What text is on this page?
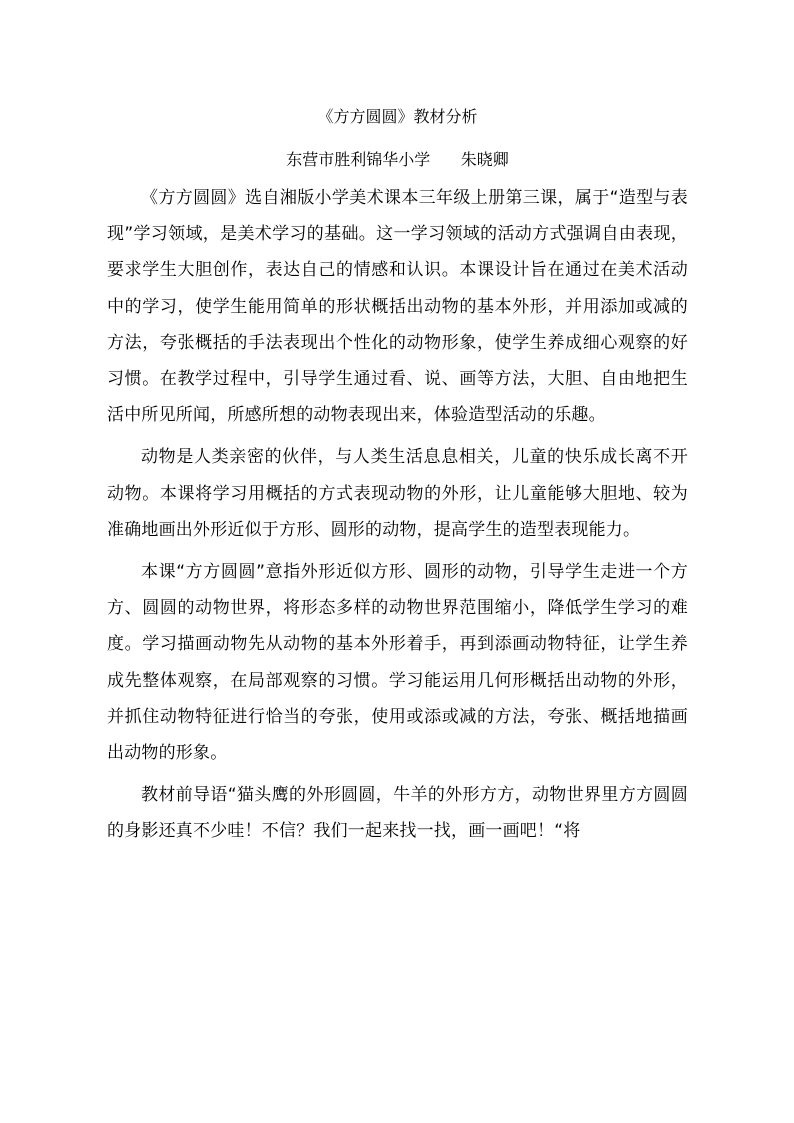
《方方圆圆》教材分析
东营市胜利锦华小学      朱晓卿

《方方圆圆》选自湘版小学美术课本三年级上册第三课，属于“造型与表现”学习领域，是美术学习的基础。这一学习领域的活动方式强调自由表现，要求学生大胆创作，表达自己的情感和认识。本课设计旨在通过在美术活动中的学习，使学生能用简单的形状概括出动物的基本外形，并用添加或减的方法，夸张概括的手法表现出个性化的动物形象，使学生养成细心观察的好习惯。在教学过程中，引导学生通过看、说、画等方法，大胆、自由地把生活中所见所闻，所感所想的动物表现出来，体验造型活动的乐趣。

动物是人类亲密的伙伴，与人类生活息息相关，儿童的快乐成长离不开动物。本课将学习用概括的方式表现动物的外形，让儿童能够大胆地、较为准确地画出外形近似于方形、圆形的动物，提高学生的造型表现能力。

本课“方方圆圆”意指外形近似方形、圆形的动物，引导学生走进一个方方、圆圆的动物世界，将形态多样的动物世界范围缩小，降低学生学习的难度。学习描画动物先从动物的基本外形着手，再到添画动物特征，让学生养成先整体观察，在局部观察的习惯。学习能运用几何形概括出动物的外形，并抓住动物特征进行恰当的夸张，使用或添或减的方法，夸张、概括地描画出动物的形象。

教材前导语“猫头鹰的外形圆圆，牛羊的外形方方，动物世界里方方圆圆的身影还真不少哇！不信？我们一起来找一找，画一画吧！“将
